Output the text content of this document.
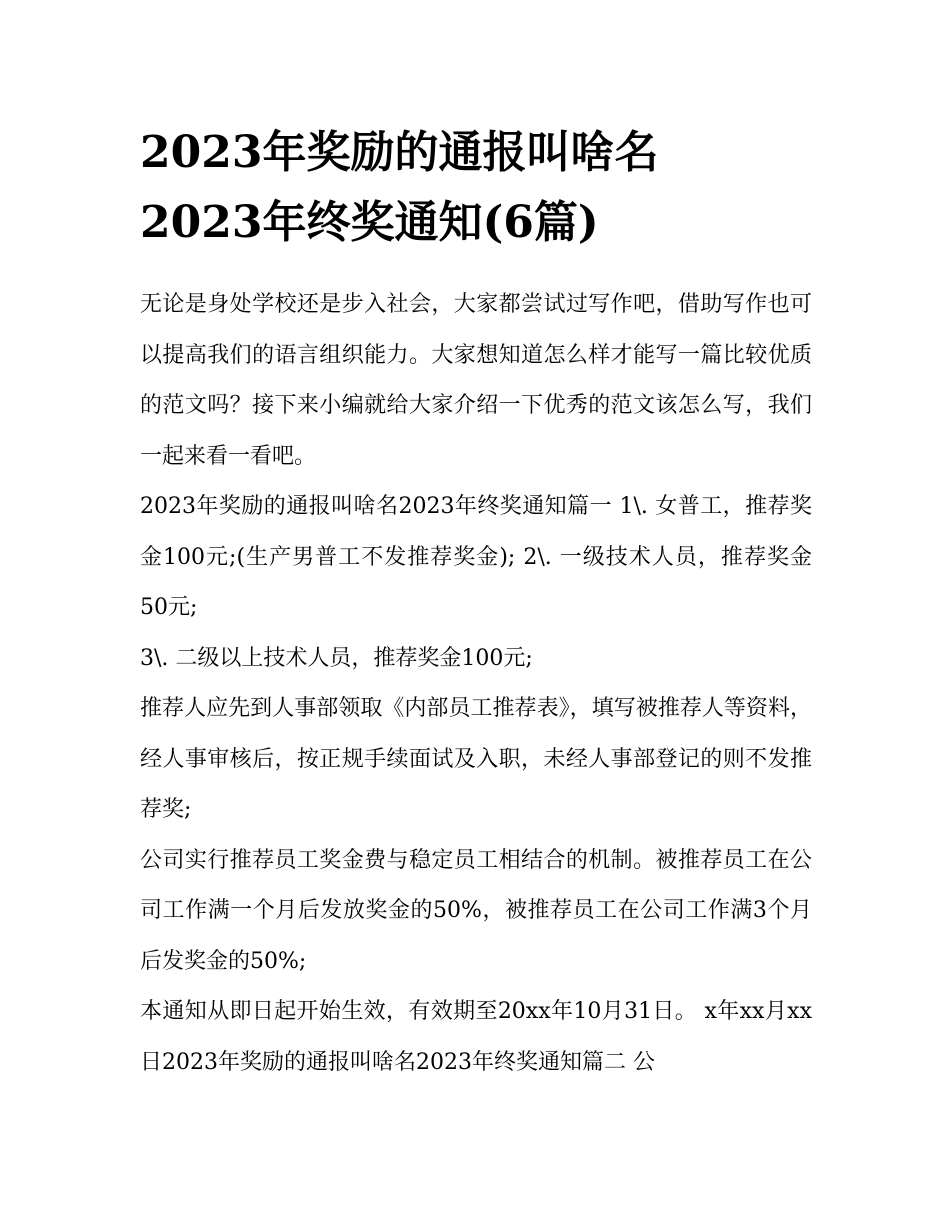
2023年奖励的通报叫啥名
2023年终奖通知(6篇)

无论是身处学校还是步入社会，大家都尝试过写作吧，借助写作也可以提高我们的语言组织能力。大家想知道怎么样才能写一篇比较优质的范文吗？接下来小编就给大家介绍一下优秀的范文该怎么写，我们一起来看一看吧。

2023年奖励的通报叫啥名2023年终奖通知篇一 1\. 女普工，推荐奖金100元;(生产男普工不发推荐奖金); 2\. 一级技术人员，推荐奖金50元;

3\. 二级以上技术人员，推荐奖金100元;

推荐人应先到人事部领取《内部员工推荐表》，填写被推荐人等资料，经人事审核后，按正规手续面试及入职，未经人事部登记的则不发推荐奖;

公司实行推荐员工奖金费与稳定员工相结合的机制。被推荐员工在公司工作满一个月后发放奖金的50%，被推荐员工在公司工作满3个月后发奖金的50%;

本通知从即日起开始生效，有效期至20xx年10月31日。 x年xx月xx日2023年奖励的通报叫啥名2023年终奖通知篇二 公
